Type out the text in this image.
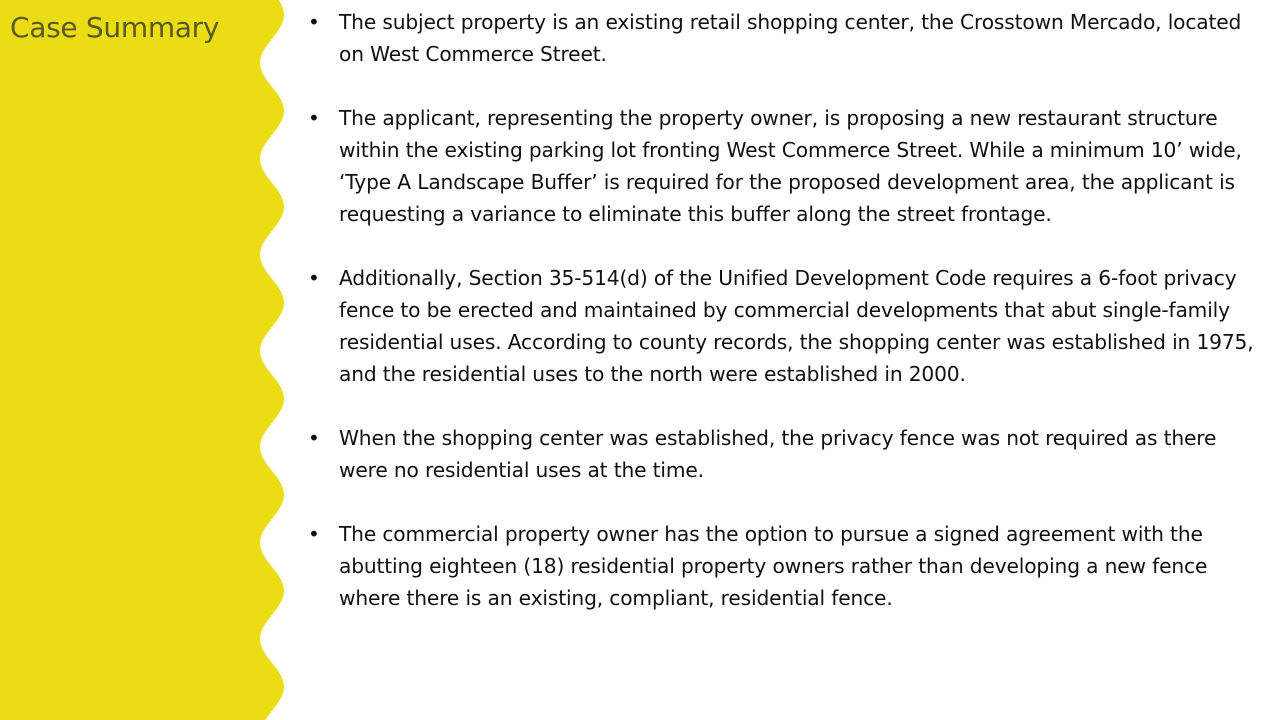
Case Summary	• The subject property is an existing retail shopping center, the Crosstown Mercado, located on West Commerce Street.
• The applicant, representing the property owner, is proposing a new restaurant structure within the existing parking lot fronting West Commerce Street. While a minimum 10’ wide, ‘Type A Landscape Buffer’ is required for the proposed development area, the applicant is requesting a variance to eliminate this buffer along the street frontage.
• Additionally, Section 35-514(d) of the Unified Development Code requires a 6-foot privacy fence to be erected and maintained by commercial developments that abut single-family residential uses. According to county records, the shopping center was established in 1975, and the residential uses to the north were established in 2000.
• When the shopping center was established, the privacy fence was not required as there were no residential uses at the time.
• The commercial property owner has the option to pursue a signed agreement with the abutting eighteen (18) residential property owners rather than developing a new fence where there is an existing, compliant, residential fence.
